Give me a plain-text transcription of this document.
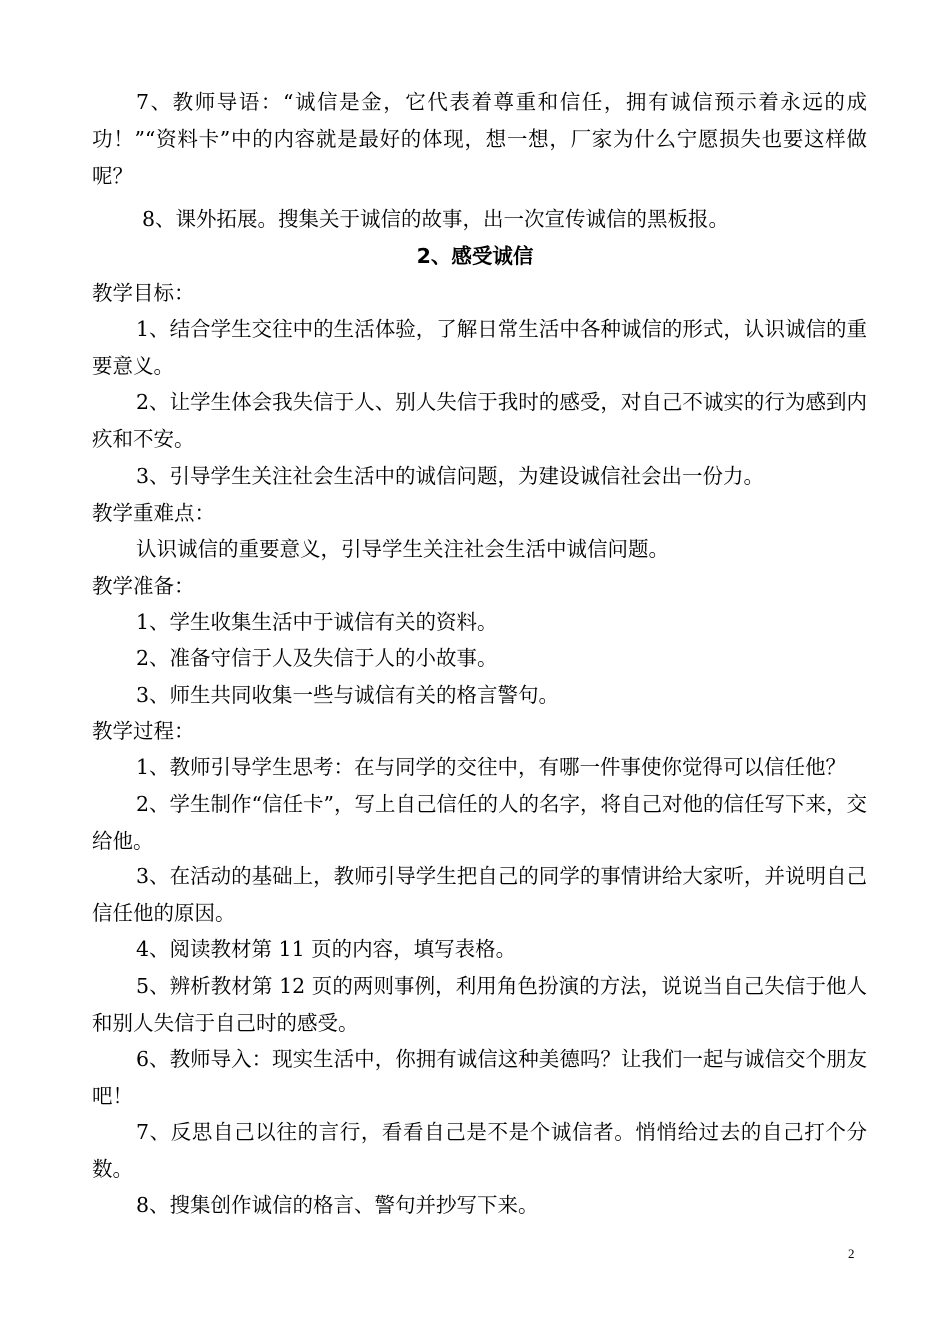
7、教师导语：“诚信是金，它代表着尊重和信任，拥有诚信预示着永远的成功！”“资料卡”中的内容就是最好的体现，想一想，厂家为什么宁愿损失也要这样做呢？

8、课外拓展。搜集关于诚信的故事，出一次宣传诚信的黑板报。

2、感受诚信

教学目标：

1、结合学生交往中的生活体验，了解日常生活中各种诚信的形式，认识诚信的重要意义。

2、让学生体会我失信于人、别人失信于我时的感受，对自己不诚实的行为感到内疚和不安。

3、引导学生关注社会生活中的诚信问题，为建设诚信社会出一份力。

教学重难点：

认识诚信的重要意义，引导学生关注社会生活中诚信问题。

教学准备：

1、学生收集生活中于诚信有关的资料。

2、准备守信于人及失信于人的小故事。

3、师生共同收集一些与诚信有关的格言警句。

教学过程：

1、教师引导学生思考：在与同学的交往中，有哪一件事使你觉得可以信任他？

2、学生制作“信任卡”，写上自己信任的人的名字，将自己对他的信任写下来，交给他。

3、在活动的基础上，教师引导学生把自己的同学的事情讲给大家听，并说明自己信任他的原因。

4、阅读教材第 11 页的内容，填写表格。

5、辨析教材第 12 页的两则事例，利用角色扮演的方法，说说当自己失信于他人和别人失信于自己时的感受。

6、教师导入：现实生活中，你拥有诚信这种美德吗？让我们一起与诚信交个朋友吧！

7、反思自己以往的言行，看看自己是不是个诚信者。悄悄给过去的自己打个分数。

8、搜集创作诚信的格言、警句并抄写下来。

2
